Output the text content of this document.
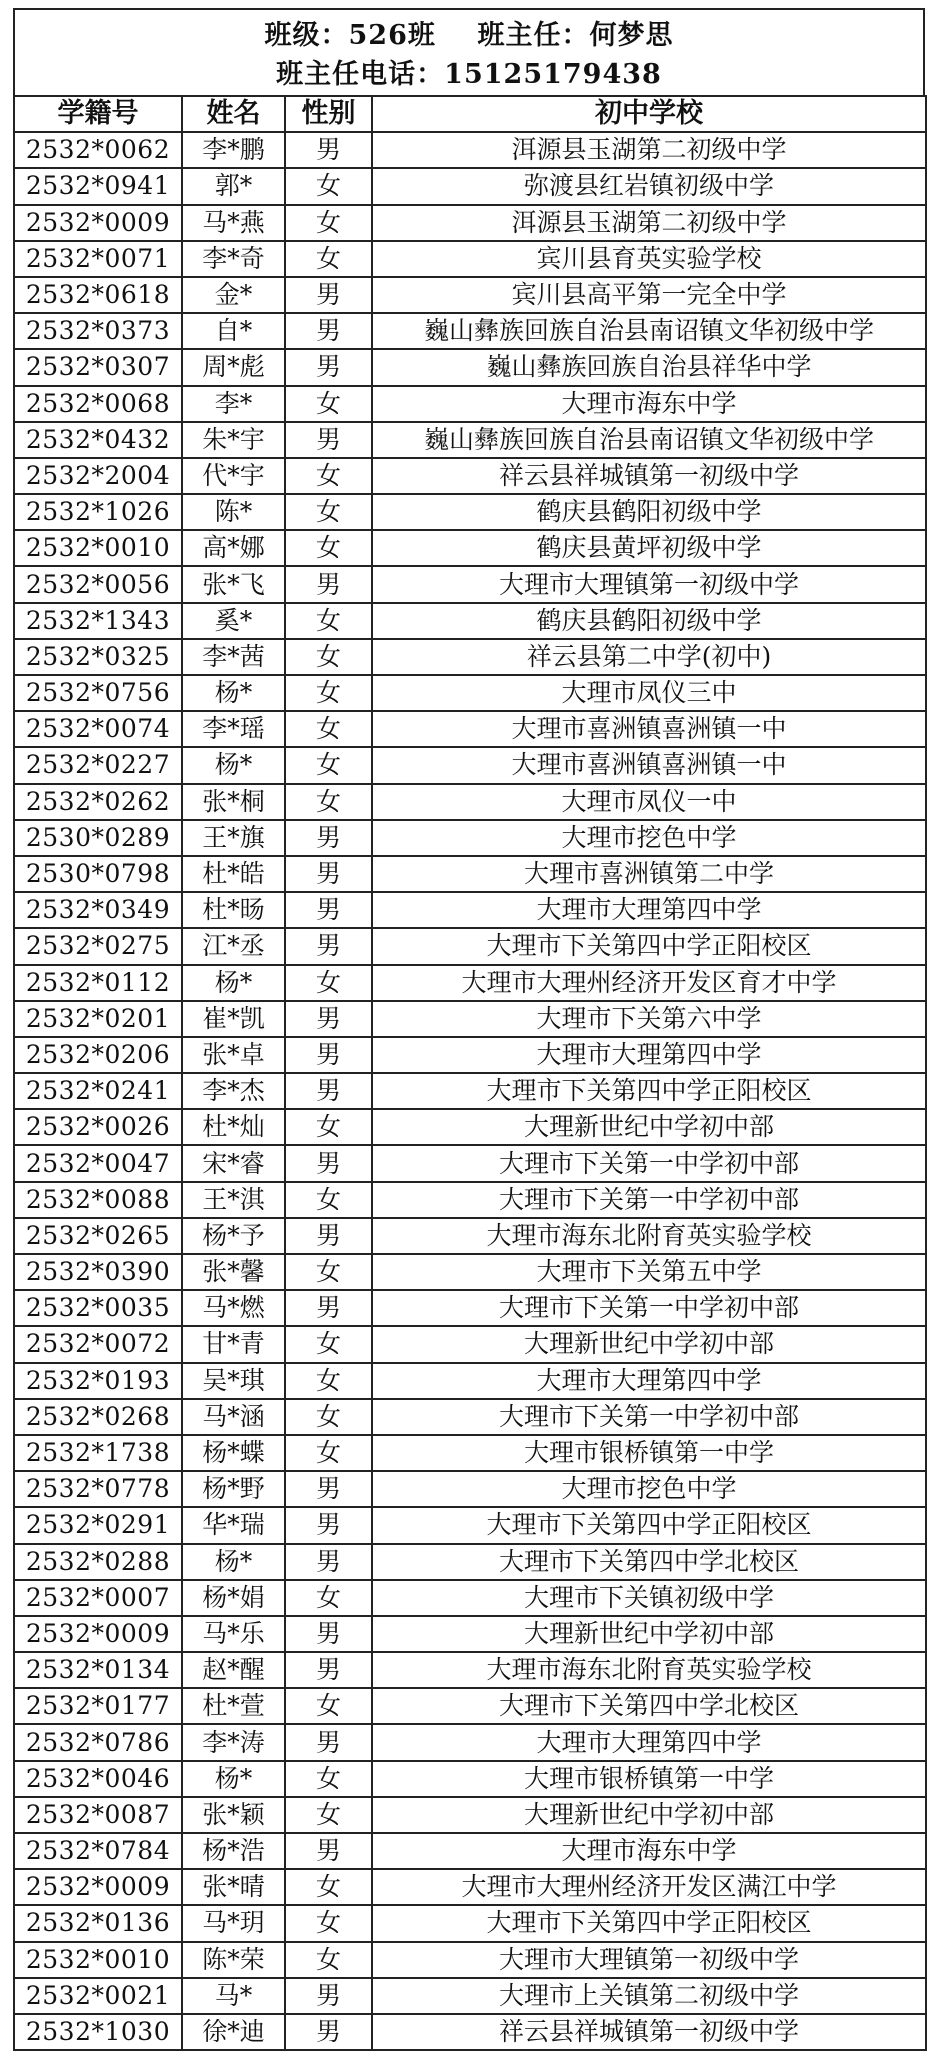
班级：526班 班主任：何梦思
班主任电话：15125179438
学籍号	姓名	性别	初中学校
2532*0062	李*鹏	男	洱源县玉湖第二初级中学
2532*0941	郭*	女	弥渡县红岩镇初级中学
2532*0009	马*燕	女	洱源县玉湖第二初级中学
2532*0071	李*奇	女	宾川县育英实验学校
2532*0618	金*	男	宾川县高平第一完全中学
2532*0373	自*	男	巍山彝族回族自治县南诏镇文华初级中学
2532*0307	周*彪	男	巍山彝族回族自治县祥华中学
2532*0068	李*	女	大理市海东中学
2532*0432	朱*宇	男	巍山彝族回族自治县南诏镇文华初级中学
2532*2004	代*宇	女	祥云县祥城镇第一初级中学
2532*1026	陈*	女	鹤庆县鹤阳初级中学
2532*0010	高*娜	女	鹤庆县黄坪初级中学
2532*0056	张*飞	男	大理市大理镇第一初级中学
2532*1343	奚*	女	鹤庆县鹤阳初级中学
2532*0325	李*茜	女	祥云县第二中学(初中)
2532*0756	杨*	女	大理市凤仪三中
2532*0074	李*瑶	女	大理市喜洲镇喜洲镇一中
2532*0227	杨*	女	大理市喜洲镇喜洲镇一中
2532*0262	张*桐	女	大理市凤仪一中
2530*0289	王*旗	男	大理市挖色中学
2530*0798	杜*皓	男	大理市喜洲镇第二中学
2532*0349	杜*旸	男	大理市大理第四中学
2532*0275	江*丞	男	大理市下关第四中学正阳校区
2532*0112	杨*	女	大理市大理州经济开发区育才中学
2532*0201	崔*凯	男	大理市下关第六中学
2532*0206	张*卓	男	大理市大理第四中学
2532*0241	李*杰	男	大理市下关第四中学正阳校区
2532*0026	杜*灿	女	大理新世纪中学初中部
2532*0047	宋*睿	男	大理市下关第一中学初中部
2532*0088	王*淇	女	大理市下关第一中学初中部
2532*0265	杨*予	男	大理市海东北附育英实验学校
2532*0390	张*馨	女	大理市下关第五中学
2532*0035	马*燃	男	大理市下关第一中学初中部
2532*0072	甘*青	女	大理新世纪中学初中部
2532*0193	吴*琪	女	大理市大理第四中学
2532*0268	马*涵	女	大理市下关第一中学初中部
2532*1738	杨*蝶	女	大理市银桥镇第一中学
2532*0778	杨*野	男	大理市挖色中学
2532*0291	华*瑞	男	大理市下关第四中学正阳校区
2532*0288	杨*	男	大理市下关第四中学北校区
2532*0007	杨*娟	女	大理市下关镇初级中学
2532*0009	马*乐	男	大理新世纪中学初中部
2532*0134	赵*醒	男	大理市海东北附育英实验学校
2532*0177	杜*萱	女	大理市下关第四中学北校区
2532*0786	李*涛	男	大理市大理第四中学
2532*0046	杨*	女	大理市银桥镇第一中学
2532*0087	张*颖	女	大理新世纪中学初中部
2532*0784	杨*浩	男	大理市海东中学
2532*0009	张*晴	女	大理市大理州经济开发区满江中学
2532*0136	马*玥	女	大理市下关第四中学正阳校区
2532*0010	陈*荣	女	大理市大理镇第一初级中学
2532*0021	马*	男	大理市上关镇第二初级中学
2532*1030	徐*迪	男	祥云县祥城镇第一初级中学
